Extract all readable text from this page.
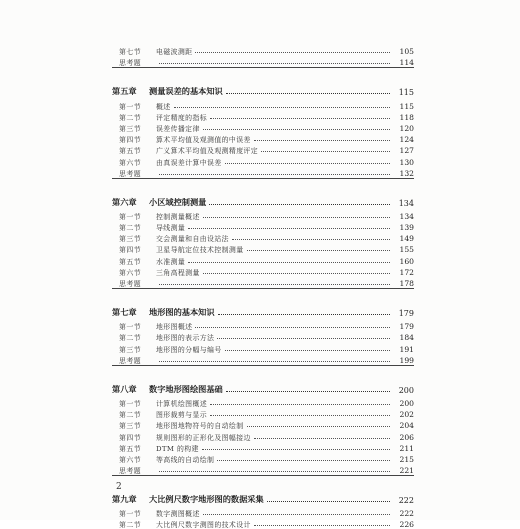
第七节 电磁波测距	105
思考题	114
第五章 测量误差的基本知识	115
第一节 概述	115
第二节 评定精度的指标	118
第三节 误差传播定律	120
第四节 算术平均值及观测值的中误差	124
第五节 广义算术平均值及观测精度评定	127
第六节 由真误差计算中误差	130
思考题	132
第六章 小区域控制测量	134
第一节 控制测量概述	134
第二节 导线测量	139
第三节 交会测量和自由设站法	149
第四节 卫星导航定位技术控制测量	155
第五节 水准测量	160
第六节 三角高程测量	172
思考题	178
第七章 地形图的基本知识	179
第一节 地形图概述	179
第二节 地形图的表示方法	184
第三节 地形图的分幅与编号	191
思考题	199
第八章 数字地形图绘图基础	200
第一节 计算机绘图概述	200
第二节 图形裁剪与显示	202
第三节 地形图地物符号的自动绘制	204
第四节 规则图形的正形化及图幅接边	206
第五节 DTM 的构建	211
第六节 等高线的自动绘制	215
思考题	221
第九章 大比例尺数字地形图的数据采集	222
第一节 数字测图概述	222
第二节 大比例尺数字测图的技术设计	226
2
